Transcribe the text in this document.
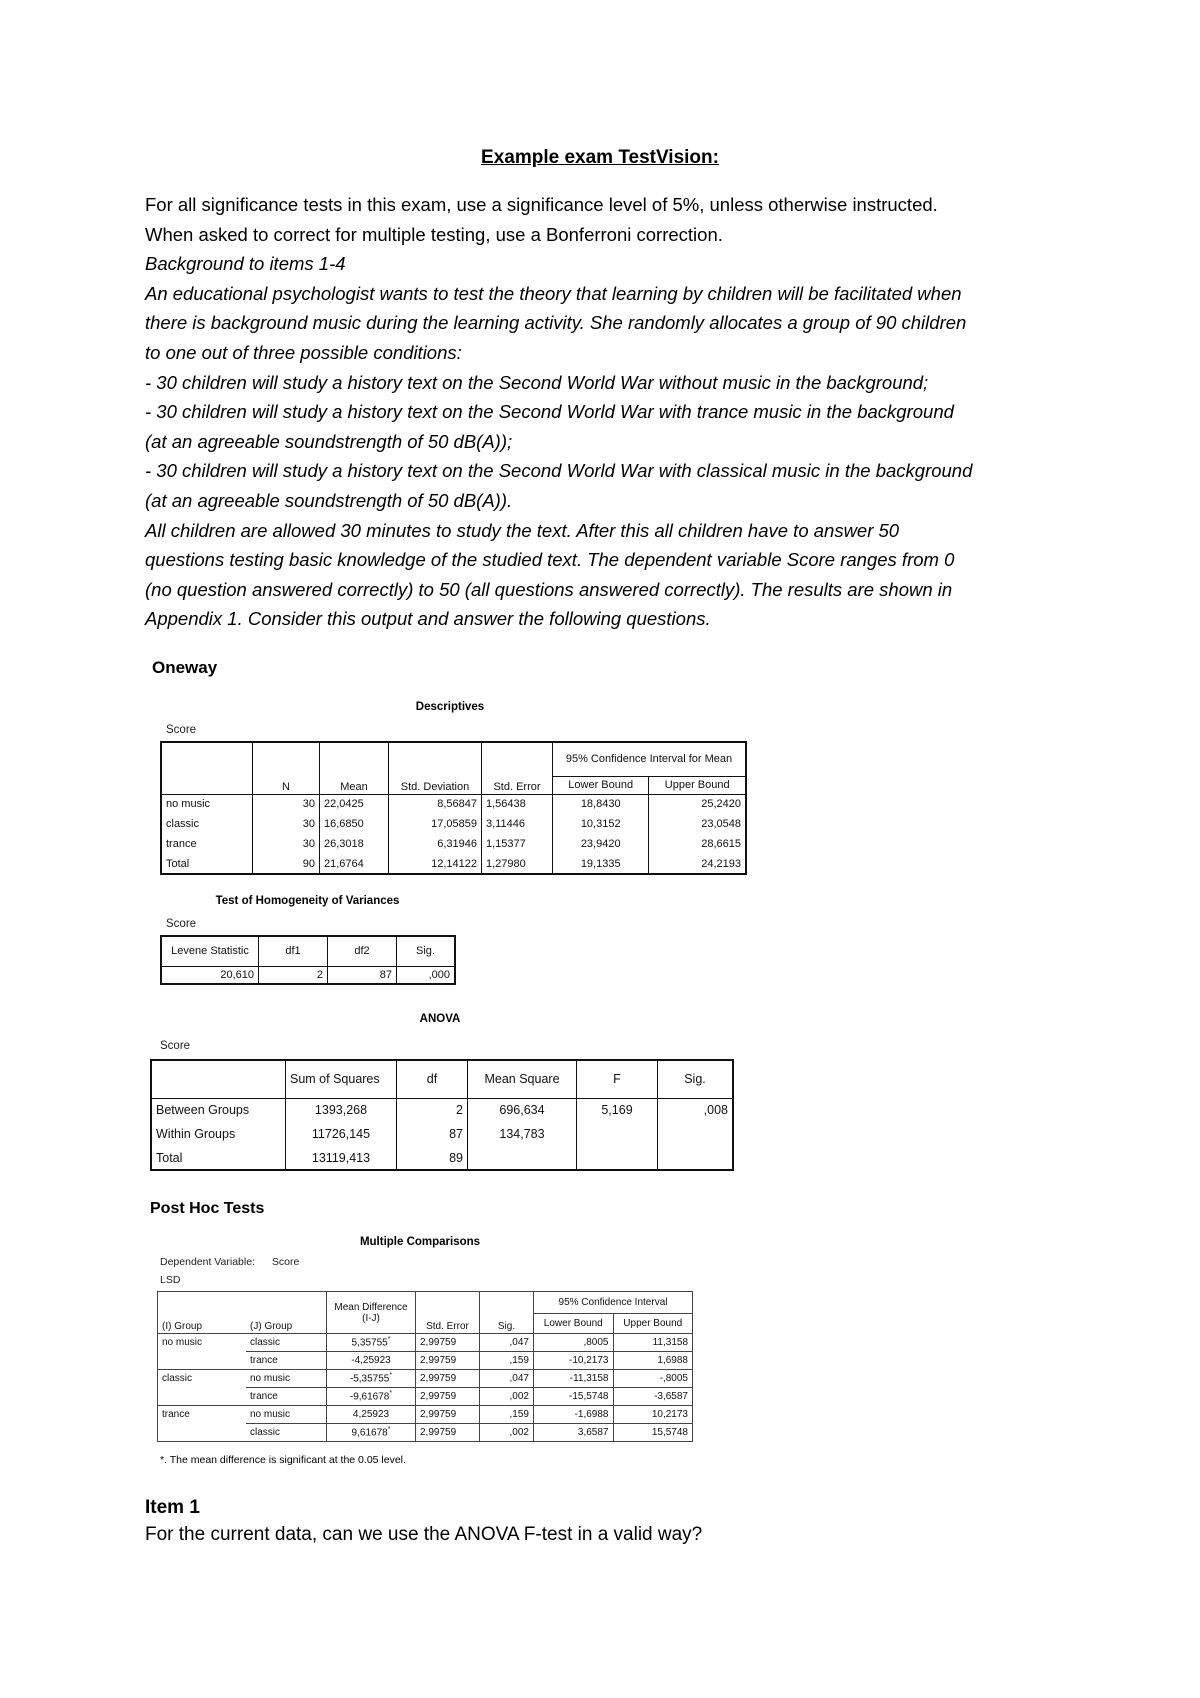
Example exam TestVision:

For all significance tests in this exam, use a significance level of 5%, unless otherwise instructed.

When asked to correct for multiple testing, use a Bonferroni correction.

Background to items 1-4

An educational psychologist wants to test the theory that learning by children will be facilitated when

there is background music during the learning activity. She randomly allocates a group of 90 children

to one out of three possible conditions:

- 30 children will study a history text on the Second World War without music in the background;

- 30 children will study a history text on the Second World War with trance music in the background

(at an agreeable soundstrength of 50 dB(A));

- 30 children will study a history text on the Second World War with classical music in the background

(at an agreeable soundstrength of 50 dB(A)).

All children are allowed 30 minutes to study the text. After this all children have to answer 50

questions testing basic knowledge of the studied text. The dependent variable Score ranges from 0

(no question answered correctly) to 50 (all questions answered correctly). The results are shown in

Appendix 1. Consider this output and answer the following questions.

Oneway
Descriptives
Score
	N	Mean	Std. Deviation	Std. Error	95% Confidence Interval for Mean	
					Lower Bound	Upper Bound
no music	30	22,0425	8,56847	1,56438	18,8430	25,2420
classic	30	16,6850	17,05859	3,11446	10,3152	23,0548
trance	30	26,3018	6,31946	1,15377	23,9420	28,6615
Total	90	21,6764	12,14122	1,27980	19,1335	24,2193
Test of Homogeneity of Variances
Score
Levene Statistic	df1	df2	Sig.
20,610	2	87	,000
ANOVA
Score
	Sum of Squares	df	Mean Square	F	Sig.
Between Groups	1393,268	2	696,634	5,169	,008
Within Groups	11726,145	87	134,783		
Total	13119,413	89			
Post Hoc Tests
Multiple Comparisons
Dependent Variable: Score
LSD
(I) Group	(J) Group	Mean Difference (I-J)	Std. Error	Sig.	95% Confidence Interval	
					Lower Bound	Upper Bound
no music	classic	5,35755*	2,99759	,047	,8005	11,3158
	trance	-4,25923	2,99759	,159	-10,2173	1,6988
classic	no music	-5,35755*	2,99759	,047	-11,3158	-,8005
	trance	-9,61678*	2,99759	,002	-15,5748	-3,6587
trance	no music	4,25923	2,99759	,159	-1,6988	10,2173
	classic	9,61678*	2,99759	,002	3,6587	15,5748
*. The mean difference is significant at the 0.05 level.
Item 1
For the current data, can we use the ANOVA F-test in a valid way?
